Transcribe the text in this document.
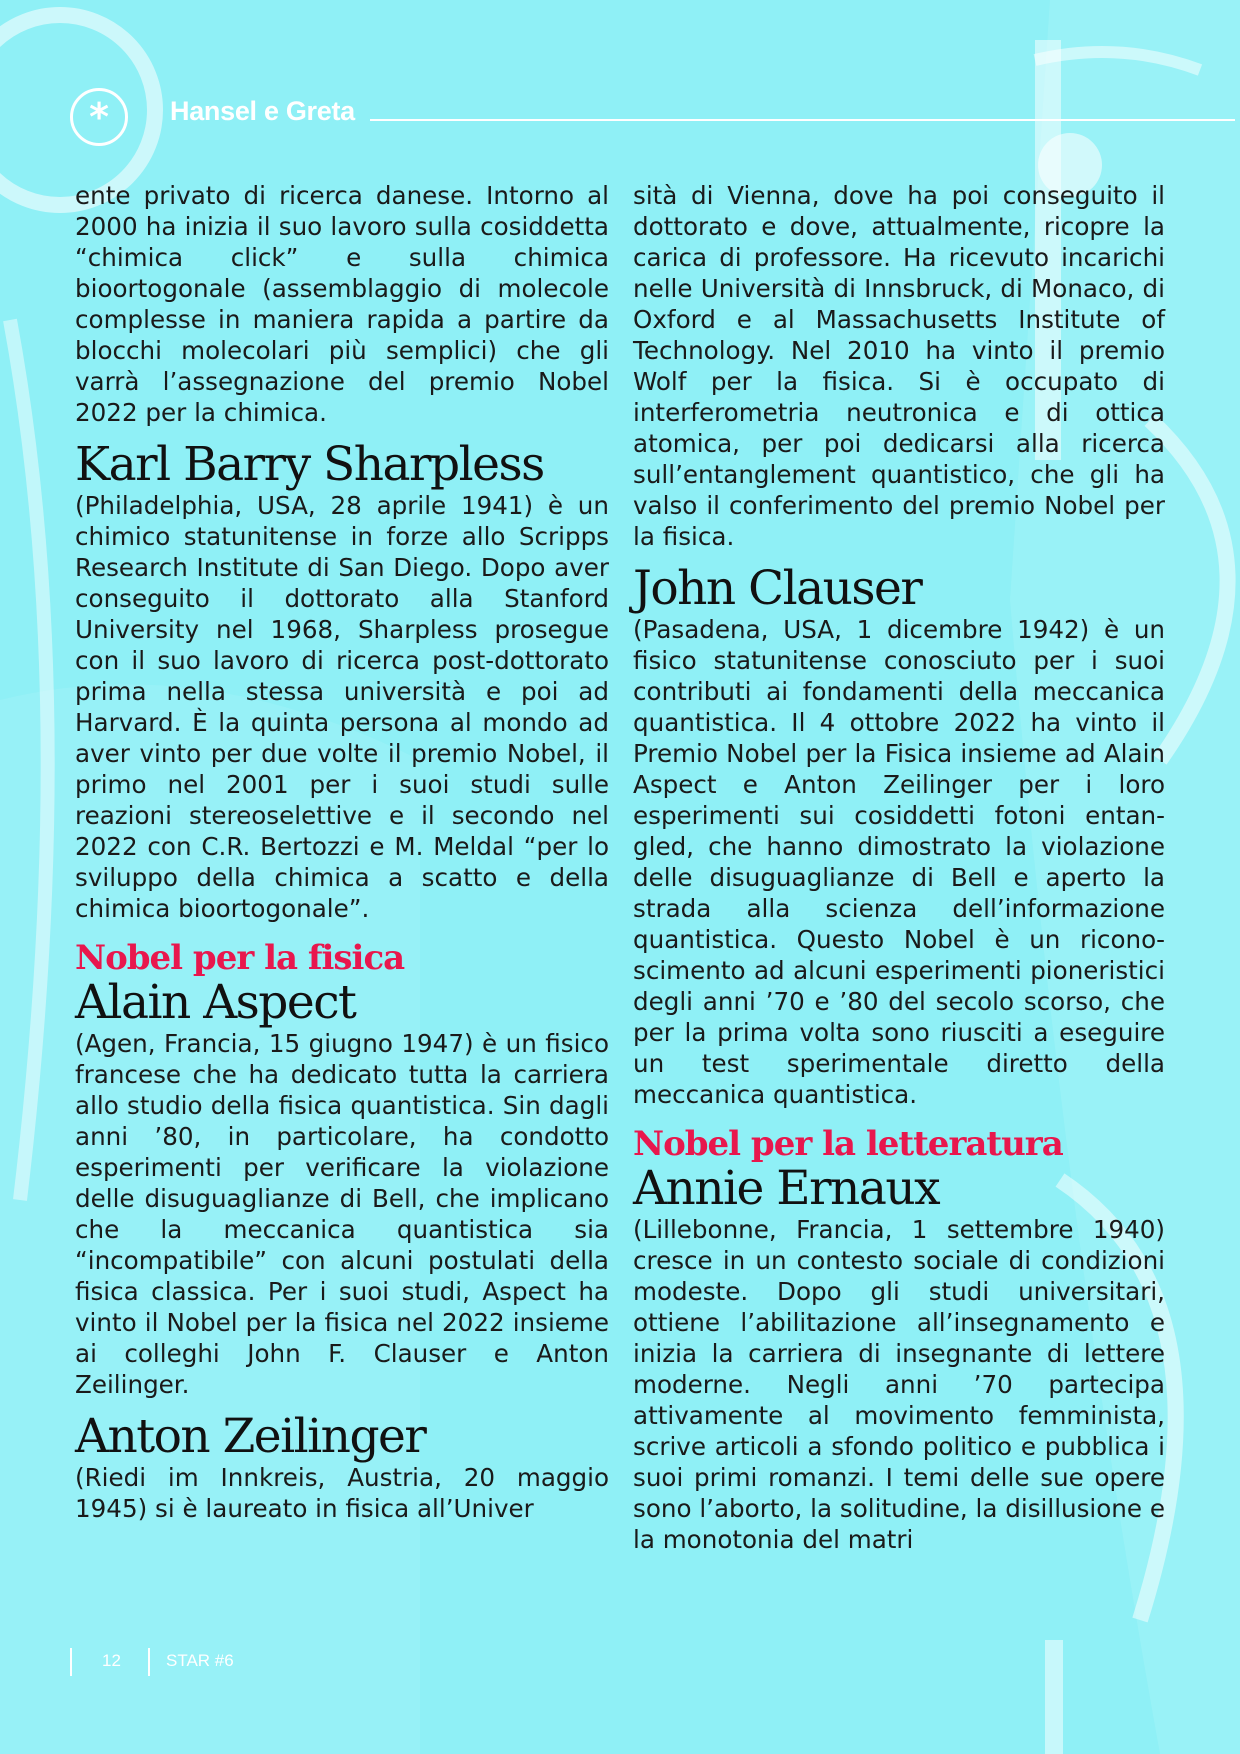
* Hansel e Greta

ente privato di ricerca danese. Intorno al 2000 ha inizia il suo lavoro sulla cosiddetta “chimica click” e sulla chimica bioortogonale (assemblaggio di molecole complesse in maniera rapida a partire da blocchi molecolari più semplici) che gli varrà l’assegnazione del premio Nobel 2022 per la chimica.

Karl Barry Sharpless

(Philadelphia, USA, 28 aprile 1941) è un chimico statunitense in forze allo Scripps Research Institute di San Diego. Dopo aver conseguito il dottorato alla Stanford University nel 1968, Sharpless prosegue con il suo lavoro di ricerca post-dottorato prima nella stessa università e poi ad Harvard. È la quinta persona al mondo ad aver vinto per due volte il premio Nobel, il primo nel 2001 per i suoi studi sulle reazioni stereoselettive e il secondo nel 2022 con C.R. Bertozzi e M. Meldal “per lo sviluppo della chimica a scatto e della chimica bioortogonale”.

Nobel per la fisica
Alain Aspect

(Agen, Francia, 15 giugno 1947) è un fisico francese che ha dedicato tutta la carriera allo studio della fisica quantistica. Sin dagli anni ’80, in particolare, ha condotto esperimenti per verificare la violazione delle disuguaglianze di Bell, che implicano che la meccanica quantistica sia “incompatibile” con alcuni postulati della fisica classica. Per i suoi studi, Aspect ha vinto il Nobel per la fisica nel 2022 insieme ai colleghi John F. Clauser e Anton Zeilinger.

Anton Zeilinger

(Riedi im Innkreis, Austria, 20 maggio 1945) si è laureato in fisica all’Univer

sità di Vienna, dove ha poi conseguito il dottorato e dove, attualmente, ricopre la carica di professore. Ha ricevuto incarichi nelle Università di Innsbruck, di Monaco, di Oxford e al Massachusetts Institute of Technology. Nel 2010 ha vinto il premio Wolf per la fisica. Si è occupato di interferometria neutronica e di ottica atomica, per poi dedicarsi alla ricerca sull’entanglement quantistico, che gli ha valso il conferimento del premio Nobel per la fisica.

John Clauser

(Pasadena, USA, 1 dicembre 1942) è un fisico statunitense conosciuto per i suoi contributi ai fondamenti della meccanica quantistica. Il 4 ottobre 2022 ha vinto il Premio Nobel per la Fisica insieme ad Alain Aspect e Anton Zeilinger per i loro esperimenti sui cosiddetti fotoni entangled, che hanno dimostrato la violazione delle disuguaglianze di Bell e aperto la strada alla scienza dell’informazione quantistica. Questo Nobel è un riconoscimento ad alcuni esperimenti pioneristici degli anni ’70 e ’80 del secolo scorso, che per la prima volta sono riusciti a eseguire un test sperimentale diretto della meccanica quantistica.

Nobel per la letteratura
Annie Ernaux

(Lillebonne, Francia, 1 settembre 1940) cresce in un contesto sociale di condizioni modeste. Dopo gli studi universitari, ottiene l’abilitazione all’insegnamento e inizia la carriera di insegnante di lettere moderne. Negli anni ’70 partecipa attivamente al movimento femminista, scrive articoli a sfondo politico e pubblica i suoi primi romanzi. I temi delle sue opere sono l’aborto, la solitudine, la disillusione e la monotonia del matri

12	STAR #6
